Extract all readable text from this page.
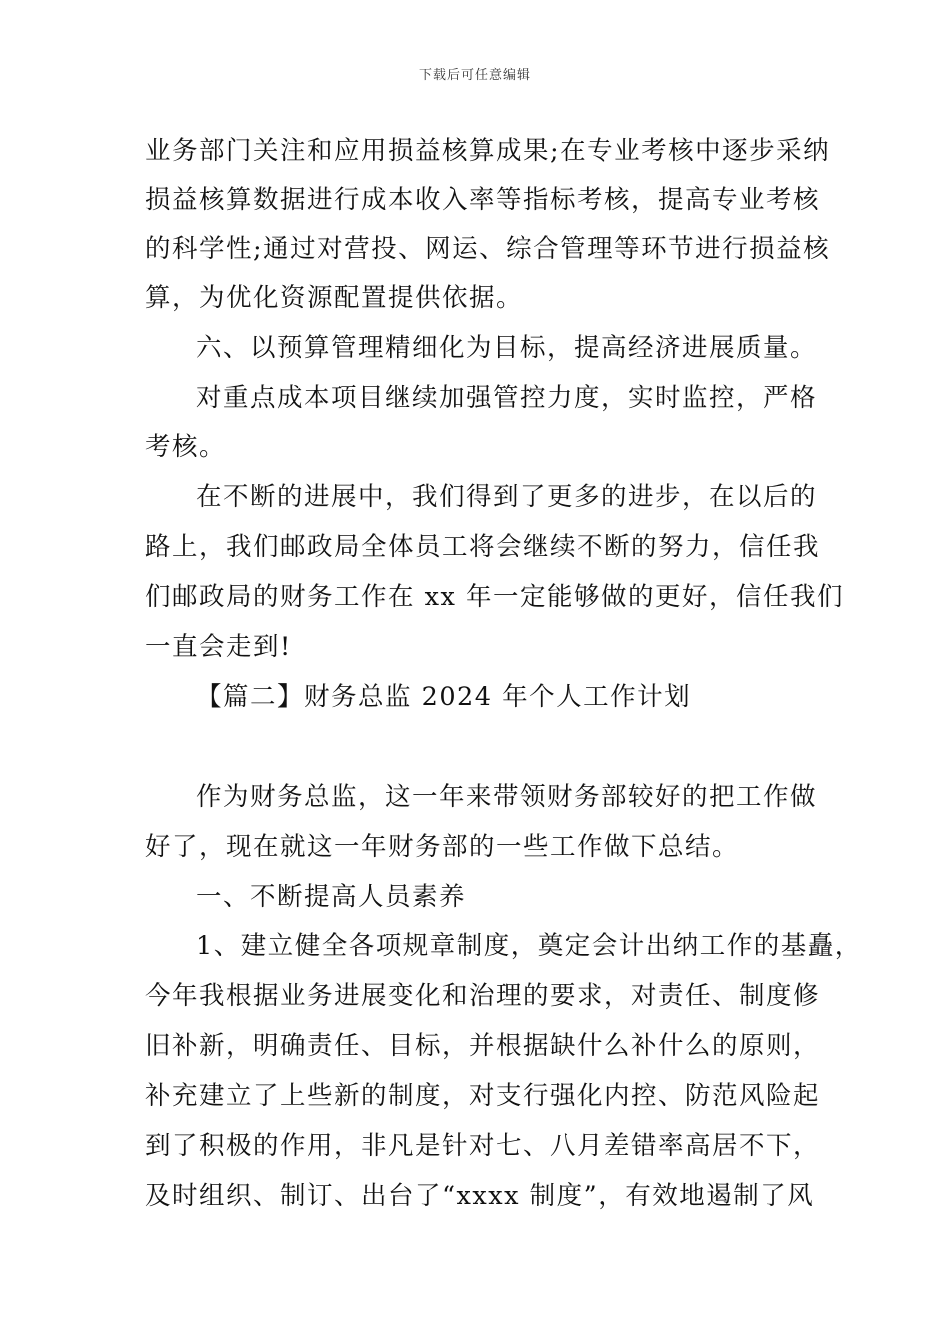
下载后可任意编辑
业务部门关注和应用损益核算成果;在专业考核中逐步采纳
损益核算数据进行成本收入率等指标考核，提高专业考核
的科学性;通过对营投、网运、综合管理等环节进行损益核
算，为优化资源配置提供依据。
六、以预算管理精细化为目标，提高经济进展质量。
对重点成本项目继续加强管控力度，实时监控，严格
考核。
在不断的进展中，我们得到了更多的进步，在以后的
路上，我们邮政局全体员工将会继续不断的努力，信任我
们邮政局的财务工作在 xx 年一定能够做的更好，信任我们
一直会走到!
【篇二】财务总监 2024 年个人工作计划
作为财务总监，这一年来带领财务部较好的把工作做
好了，现在就这一年财务部的一些工作做下总结。
一、不断提高人员素养
1、建立健全各项规章制度，奠定会计出纳工作的基矗，
今年我根据业务进展变化和治理的要求，对责任、制度修
旧补新，明确责任、目标，并根据缺什么补什么的原则，
补充建立了上些新的制度，对支行强化内控、防范风险起
到了积极的作用，非凡是针对七、八月差错率高居不下，
及时组织、制订、出台了“xxxx 制度”，有效地遏制了风
